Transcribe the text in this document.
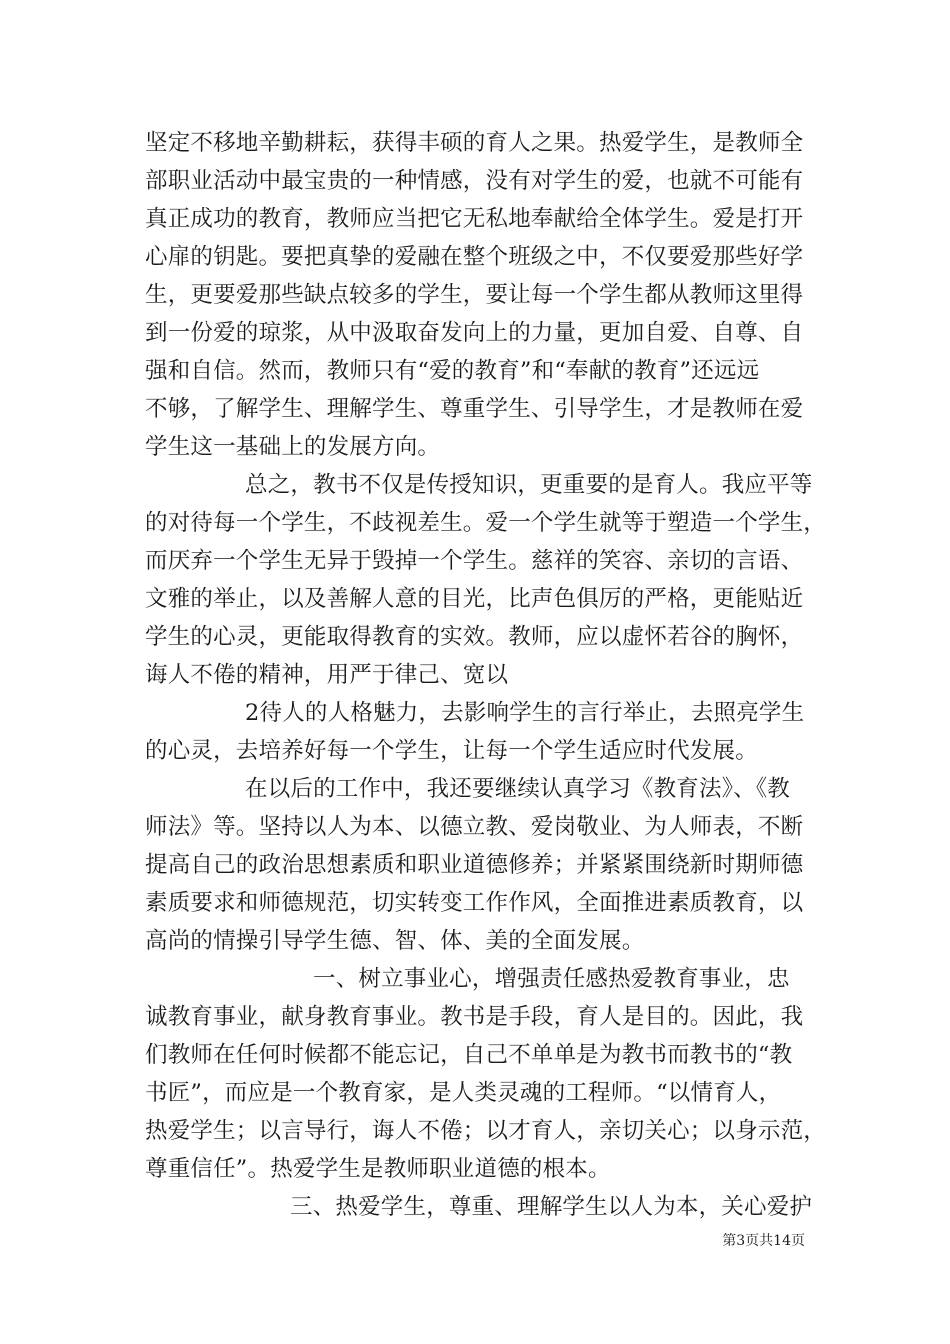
坚定不移地辛勤耕耘，获得丰硕的育人之果。热爱学生，是教师全
部职业活动中最宝贵的一种情感，没有对学生的爱，也就不可能有
真正成功的教育，教师应当把它无私地奉献给全体学生。爱是打开
心扉的钥匙。要把真挚的爱融在整个班级之中，不仅要爱那些好学
生，更要爱那些缺点较多的学生，要让每一个学生都从教师这里得
到一份爱的琼浆，从中汲取奋发向上的力量，更加自爱、自尊、自
强和自信。然而，教师只有“爱的教育”和“奉献的教育”还远远
不够，了解学生、理解学生、尊重学生、引导学生，才是教师在爱
学生这一基础上的发展方向。
总之，教书不仅是传授知识，更重要的是育人。我应平等
的对待每一个学生，不歧视差生。爱一个学生就等于塑造一个学生，
而厌弃一个学生无异于毁掉一个学生。慈祥的笑容、亲切的言语、
文雅的举止，以及善解人意的目光，比声色俱厉的严格，更能贴近
学生的心灵，更能取得教育的实效。教师，应以虚怀若谷的胸怀，
诲人不倦的精神，用严于律己、宽以
2待人的人格魅力，去影响学生的言行举止，去照亮学生
的心灵，去培养好每一个学生，让每一个学生适应时代发展。
在以后的工作中，我还要继续认真学习《教育法》、《教
师法》等。坚持以人为本、以德立教、爱岗敬业、为人师表，不断
提高自己的政治思想素质和职业道德修养；并紧紧围绕新时期师德
素质要求和师德规范，切实转变工作作风，全面推进素质教育，以
高尚的情操引导学生德、智、体、美的全面发展。
一、树立事业心，增强责任感热爱教育事业，忠
诚教育事业，献身教育事业。教书是手段，育人是目的。因此，我
们教师在任何时候都不能忘记，自己不单单是为教书而教书的“教
书匠”，而应是一个教育家，是人类灵魂的工程师。“以情育人，
热爱学生；以言导行，诲人不倦；以才育人，亲切关心；以身示范，
尊重信任”。热爱学生是教师职业道德的根本。
三、热爱学生，尊重、理解学生以人为本，关心爱护
第3页共14页
